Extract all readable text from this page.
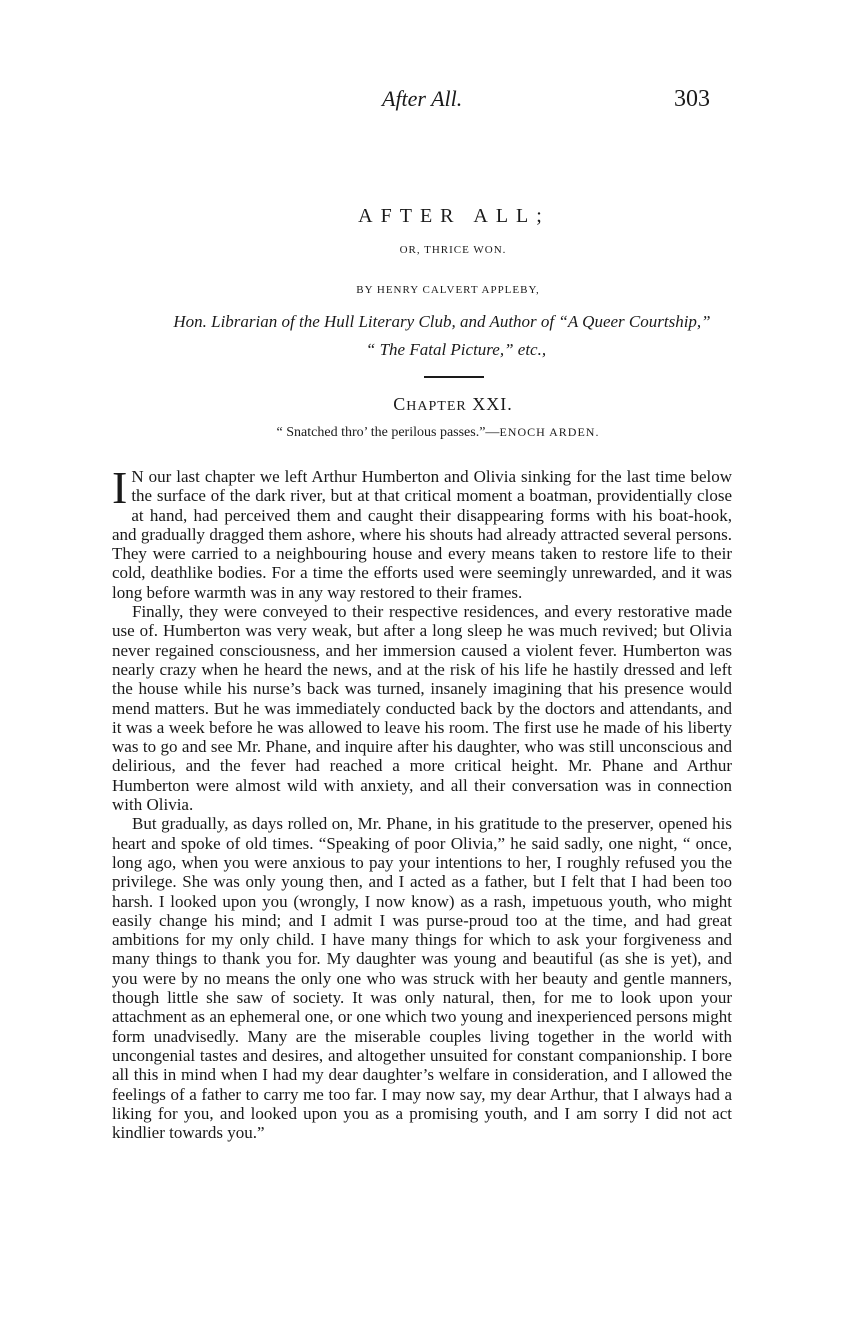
After All.	303
AFTER ALL;
OR, THRICE WON.
BY HENRY CALVERT APPLEBY,
Hon. Librarian of the Hull Literary Club, and Author of “A Queer Courtship,”
“ The Fatal Picture,” etc.,
CHAPTER XXI.
“ Snatched thro’ the perilous passes.”—ENOCH ARDEN.

I N our last chapter we left Arthur Humberton and Olivia sinking for the last time below the surface of the dark river, but at that critical moment a boatman, providentially close at hand, had perceived them and caught their disappearing forms with his boat-hook, and gradually dragged them ashore, where his shouts had already attracted several persons. They were carried to a neighbouring house and every means taken to restore life to their cold, deathlike bodies. For a time the efforts used were seemingly unrewarded, and it was long before warmth was in any way restored to their frames.

Finally, they were conveyed to their respective residences, and every restorative made use of. Humberton was very weak, but after a long sleep he was much revived; but Olivia never regained consciousness, and her immersion caused a violent fever. Humberton was nearly crazy when he heard the news, and at the risk of his life he hastily dressed and left the house while his nurse’s back was turned, insanely imagining that his presence would mend matters. But he was immediately conducted back by the doctors and attendants, and it was a week before he was allowed to leave his room. The first use he made of his liberty was to go and see Mr. Phane, and inquire after his daughter, who was still unconscious and delirious, and the fever had reached a more critical height. Mr. Phane and Arthur Humberton were almost wild with anxiety, and all their conversation was in connection with Olivia.

But gradually, as days rolled on, Mr. Phane, in his gratitude to the preserver, opened his heart and spoke of old times. “Speaking of poor Olivia,” he said sadly, one night, “ once, long ago, when you were anxious to pay your intentions to her, I roughly refused you the privilege. She was only young then, and I acted as a father, but I felt that I had been too harsh. I looked upon you (wrongly, I now know) as a rash, impetuous youth, who might easily change his mind; and I admit I was purse-proud too at the time, and had great ambitions for my only child. I have many things for which to ask your forgiveness and many things to thank you for. My daughter was young and beautiful (as she is yet), and you were by no means the only one who was struck with her beauty and gentle manners, though little she saw of society. It was only natural, then, for me to look upon your attachment as an ephemeral one, or one which two young and inexperienced persons might form unadvisedly. Many are the miserable couples living together in the world with uncongenial tastes and desires, and altogether unsuited for constant companionship. I bore all this in mind when I had my dear daughter’s welfare in consideration, and I allowed the feelings of a father to carry me too far. I may now say, my dear Arthur, that I always had a liking for you, and looked upon you as a promising youth, and I am sorry I did not act kindlier towards you.”
